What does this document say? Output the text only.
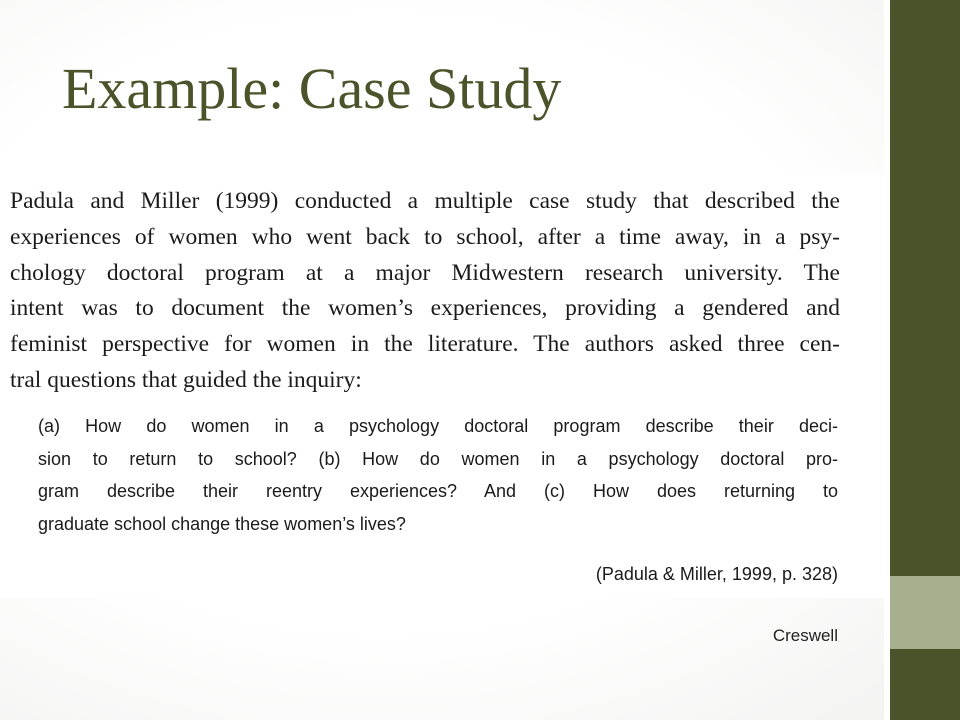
Example: Case Study

Padula and Miller (1999) conducted a multiple case study that described the
experiences of women who went back to school, after a time away, in a psy-
chology doctoral program at a major Midwestern research university. The
intent was to document the women’s experiences, providing a gendered and
feminist perspective for women in the literature. The authors asked three cen-
tral questions that guided the inquiry:

(a) How do women in a psychology doctoral program describe their deci-
sion to return to school? (b) How do women in a psychology doctoral pro-
gram describe their reentry experiences? And (c) How does returning to
graduate school change these women’s lives?

(Padula & Miller, 1999, p. 328)

Creswell
